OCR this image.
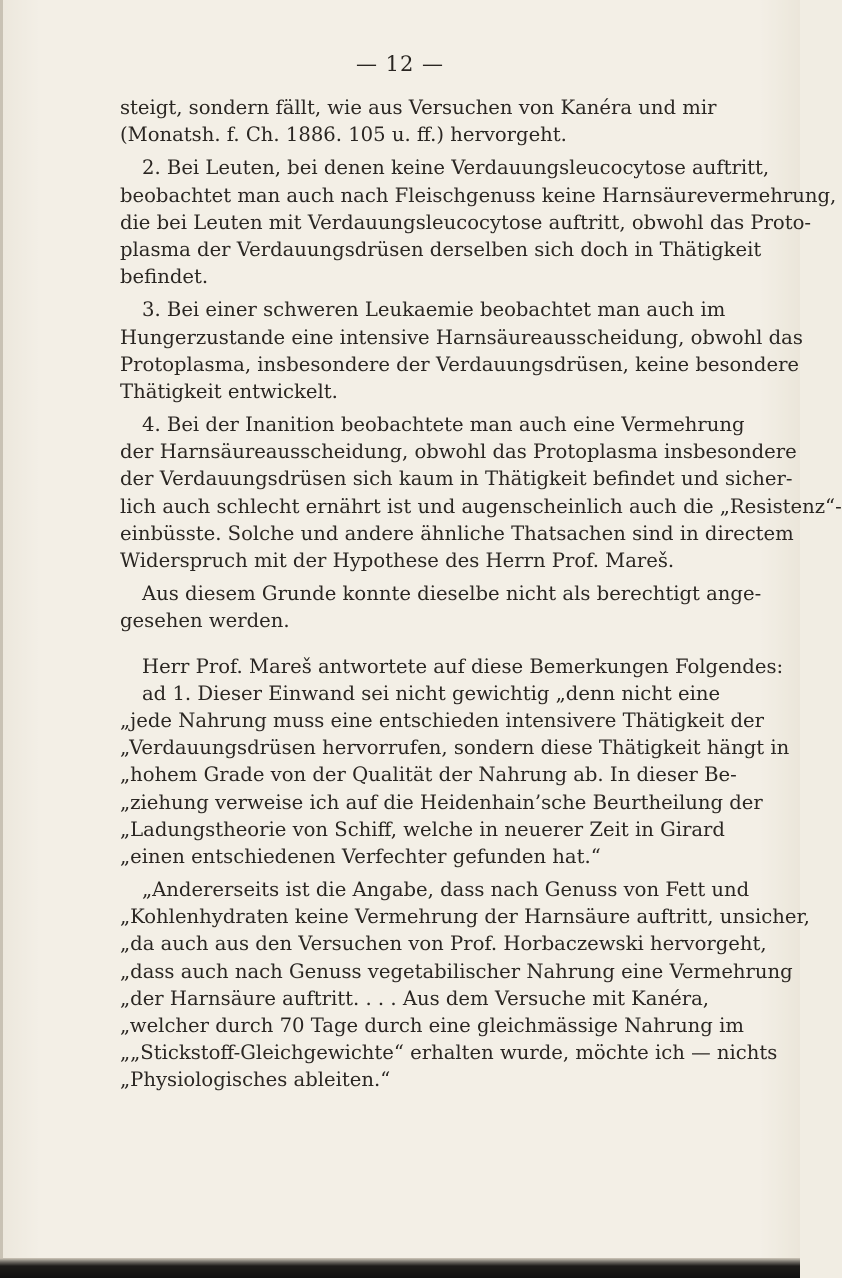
— 12 —
steigt, sondern fällt, wie aus Versuchen von Kanéra und mir
(Monatsh. f. Ch. 1886. 105 u. ff.) hervorgeht.
2. Bei Leuten, bei denen keine Verdauungsleucocytose auftritt,
beobachtet man auch nach Fleischgenuss keine Harnsäurevermehrung,
die bei Leuten mit Verdauungsleucocytose auftritt, obwohl das Proto-
plasma der Verdauungsdrüsen derselben sich doch in Thätigkeit
befindet.
3. Bei einer schweren Leukaemie beobachtet man auch im
Hungerzustande eine intensive Harnsäureausscheidung, obwohl das
Protoplasma, insbesondere der Verdauungsdrüsen, keine besondere
Thätigkeit entwickelt.
4. Bei der Inanition beobachtete man auch eine Vermehrung
der Harnsäureausscheidung, obwohl das Protoplasma insbesondere
der Verdauungsdrüsen sich kaum in Thätigkeit befindet und sicher-
lich auch schlecht ernährt ist und augenscheinlich auch die „Resistenz“-
einbüsste. Solche und andere ähnliche Thatsachen sind in directem
Widerspruch mit der Hypothese des Herrn Prof. Mareš.
Aus diesem Grunde konnte dieselbe nicht als berechtigt ange-
gesehen werden.
Herr Prof. Mareš antwortete auf diese Bemerkungen Folgendes:
ad 1. Dieser Einwand sei nicht gewichtig „denn nicht eine
„jede Nahrung muss eine entschieden intensivere Thätigkeit der
„Verdauungsdrüsen hervorrufen, sondern diese Thätigkeit hängt in
„hohem Grade von der Qualität der Nahrung ab. In dieser Be-
„ziehung verweise ich auf die Heidenhain’sche Beurtheilung der
„Ladungstheorie von Schiff, welche in neuerer Zeit in Girard
„einen entschiedenen Verfechter gefunden hat.“
„Andererseits ist die Angabe, dass nach Genuss von Fett und
„Kohlenhydraten keine Vermehrung der Harnsäure auftritt, unsicher,
„da auch aus den Versuchen von Prof. Horbaczewski hervorgeht,
„dass auch nach Genuss vegetabilischer Nahrung eine Vermehrung
„der Harnsäure auftritt. . . . Aus dem Versuche mit Kanéra,
„welcher durch 70 Tage durch eine gleichmässige Nahrung im
„„Stickstoff-Gleichgewichte“ erhalten wurde, möchte ich — nichts
„Physiologisches ableiten.“
